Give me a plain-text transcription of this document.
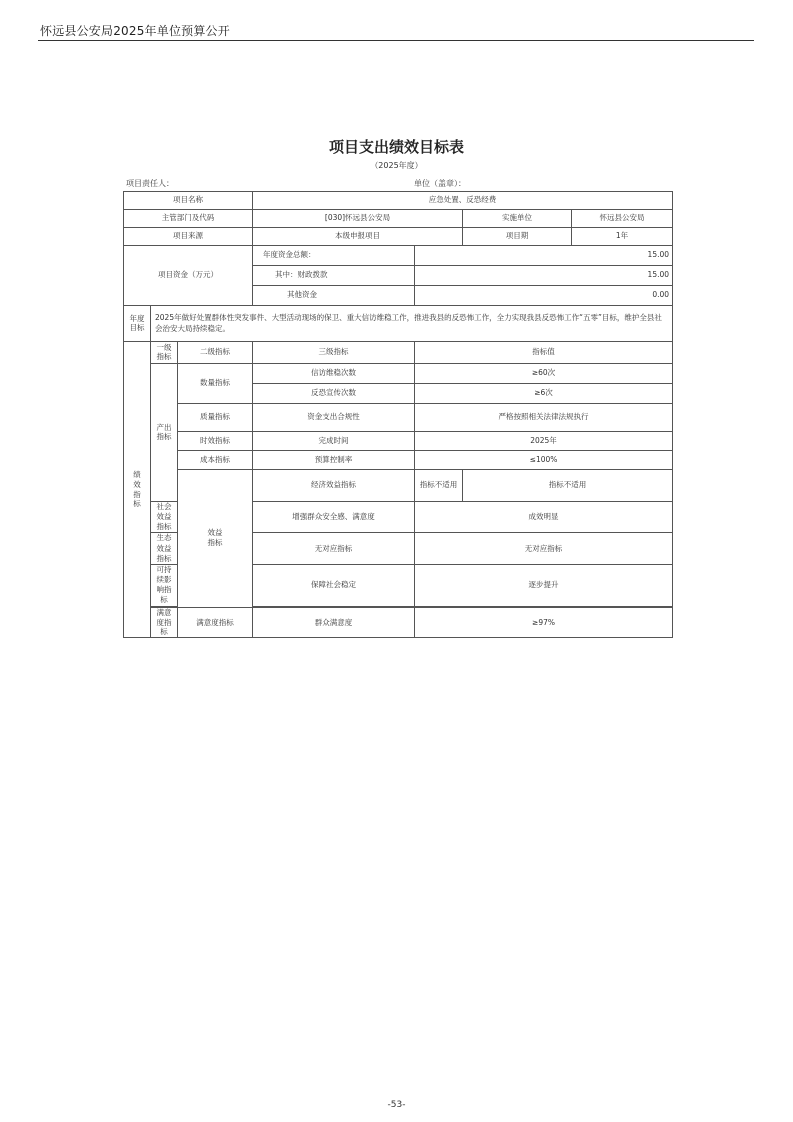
怀远县公安局2025年单位预算公开
项目支出绩效目标表
（2025年度）
项目责任人：	单位（盖章）：
项目名称			应急处置、反恐经费		
主管部门及代码			[030]怀远县公安局		实施单位 怀远县公安局

项目来源			本级申报项目		项目期 1年

项目资金（万元）			年度资金总额：	15.00	
			其中：财政拨款	15.00	
			其他资金	0.00	
年度目标	2025年做好处置群体性突发事件、大型活动现场的保卫、重大信访维稳工作，推进我县的反恐怖工作，全力实现我县反恐怖工作“五零”目标，维护全县社会治安大局持续稳定。				
绩效指标	一级指标	二级指标	三级指标	指标值	
	产出指标	数量指标	信访维稳次数	≥60次	
			反恐宣传次数	≥6次	
		质量指标	资金支出合规性	严格按照相关法律法规执行	
		时效指标	完成时间	2025年	
		成本指标	预算控制率	≤100%	
		效益指标	经济效益指标	指标不适用	指标不适用
	社会效益指标		增强群众安全感、满意度	成效明显	
	生态效益指标		无对应指标	无对应指标	
	可持续影响指标		保障社会稳定	逐步提升	

	满意度指标	满意度指标	群众满意度	≥97%	
-53-
